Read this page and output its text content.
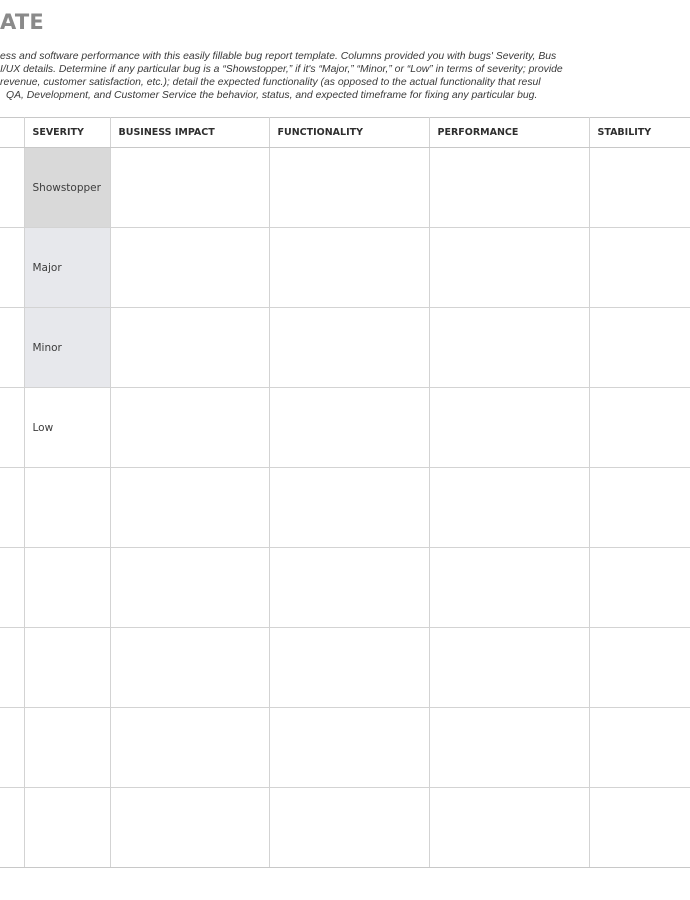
ATE
ess and software performance with this easily fillable bug report template. Columns provided you with bugs' Severity, Bus
I/UX details. Determine if any particular bug is a “Showstopper,” if it's “Major,” “Minor,” or “Low” in terms of severity; provide
revenue, customer satisfaction, etc.); detail the expected functionality (as opposed to the actual functionality that resul
QA, Development, and Customer Service the behavior, status, and expected timeframe for fixing any particular bug.
	SEVERITY	BUSINESS IMPACT	FUNCTIONALITY	PERFORMANCE	STABILITY
	Showstopper				
	Major				
	Minor				
	Low				
